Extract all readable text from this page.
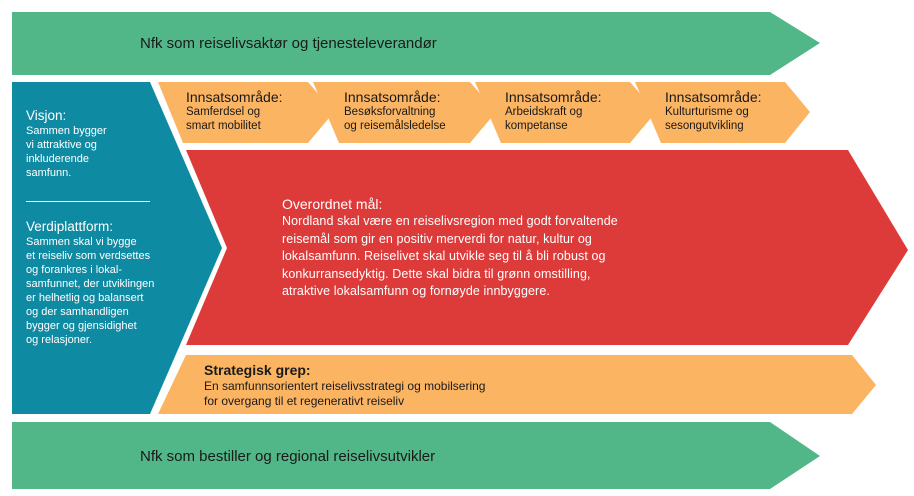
Nfk som reiselivsaktør og tjenesteleverandør
Nfk som bestiller og regional reiselivsutvikler
Visjon:
Sammen bygger
vi attraktive og
inkluderende
samfunn.
Verdiplattform:
Sammen skal vi bygge
et reiseliv som verdsettes
og forankres i lokal-
samfunnet, der utviklingen
er helhetlig og balansert
og der samhandligen
bygger og gjensidighet
og relasjoner.
Innsatsområde:
Samferdsel og
smart mobilitet
Innsatsområde:
Besøksforvaltning
og reisemålsledelse
Innsatsområde:
Arbeidskraft og
kompetanse
Innsatsområde:
Kulturturisme og
sesongutvikling
Overordnet mål:
Nordland skal være en reiselivsregion med godt forvaltende
reisemål som gir en positiv merverdi for natur, kultur og
lokalsamfunn. Reiselivet skal utvikle seg til å bli robust og
konkurransedyktig. Dette skal bidra til grønn omstilling,
atraktive lokalsamfunn og fornøyde innbyggere.
Strategisk grep:
En samfunnsorientert reiselivsstrategi og mobilsering
for overgang til et regenerativt reiseliv
